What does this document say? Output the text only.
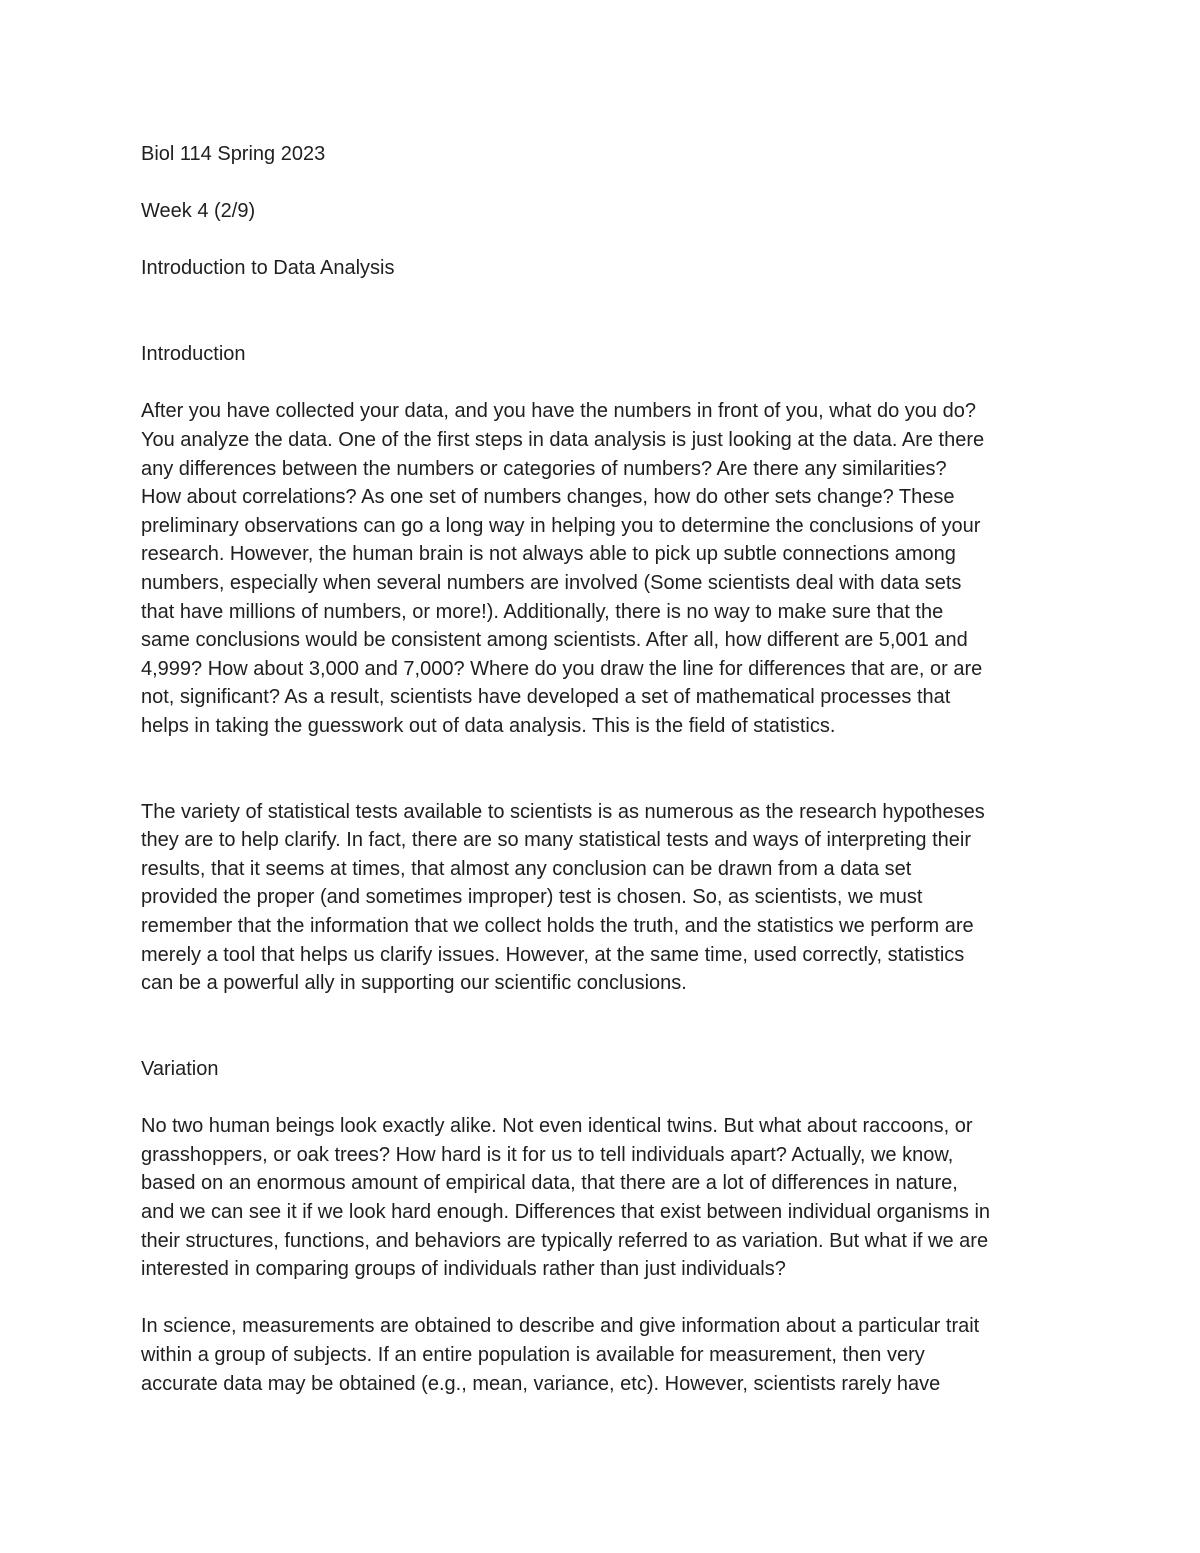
Biol 114 Spring 2023

Week 4 (2/9)

Introduction to Data Analysis

Introduction

After you have collected your data, and you have the numbers in front of you, what do you do?

You analyze the data. One of the first steps in data analysis is just looking at the data. Are there

any differences between the numbers or categories of numbers? Are there any similarities?

How about correlations? As one set of numbers changes, how do other sets change? These

preliminary observations can go a long way in helping you to determine the conclusions of your

research. However, the human brain is not always able to pick up subtle connections among

numbers, especially when several numbers are involved (Some scientists deal with data sets

that have millions of numbers, or more!). Additionally, there is no way to make sure that the

same conclusions would be consistent among scientists. After all, how different are 5,001 and

4,999? How about 3,000 and 7,000? Where do you draw the line for differences that are, or are

not, significant? As a result, scientists have developed a set of mathematical processes that

helps in taking the guesswork out of data analysis. This is the field of statistics.

The variety of statistical tests available to scientists is as numerous as the research hypotheses

they are to help clarify. In fact, there are so many statistical tests and ways of interpreting their

results, that it seems at times, that almost any conclusion can be drawn from a data set

provided the proper (and sometimes improper) test is chosen. So, as scientists, we must

remember that the information that we collect holds the truth, and the statistics we perform are

merely a tool that helps us clarify issues. However, at the same time, used correctly, statistics

can be a powerful ally in supporting our scientific conclusions.

Variation

No two human beings look exactly alike. Not even identical twins. But what about raccoons, or

grasshoppers, or oak trees? How hard is it for us to tell individuals apart? Actually, we know,

based on an enormous amount of empirical data, that there are a lot of differences in nature,

and we can see it if we look hard enough. Differences that exist between individual organisms in

their structures, functions, and behaviors are typically referred to as variation. But what if we are

interested in comparing groups of individuals rather than just individuals?

In science, measurements are obtained to describe and give information about a particular trait

within a group of subjects. If an entire population is available for measurement, then very

accurate data may be obtained (e.g., mean, variance, etc). However, scientists rarely have
